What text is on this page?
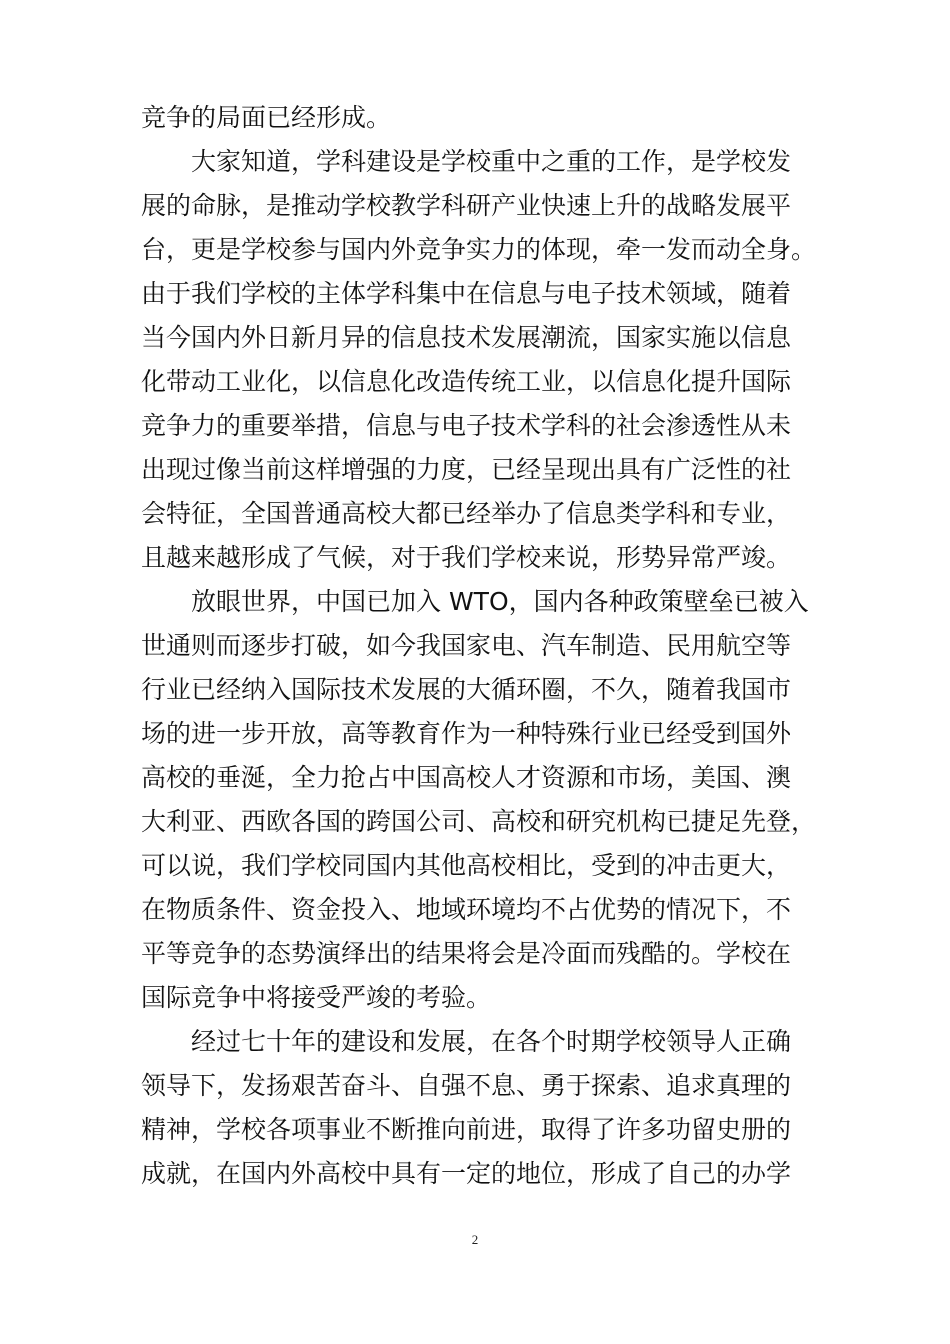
竞争的局面已经形成。
大家知道，学科建设是学校重中之重的工作，是学校发
展的命脉，是推动学校教学科研产业快速上升的战略发展平
台，更是学校参与国内外竞争实力的体现，牵一发而动全身。
由于我们学校的主体学科集中在信息与电子技术领域，随着
当今国内外日新月异的信息技术发展潮流，国家实施以信息
化带动工业化，以信息化改造传统工业，以信息化提升国际
竞争力的重要举措，信息与电子技术学科的社会渗透性从未
出现过像当前这样增强的力度，已经呈现出具有广泛性的社
会特征，全国普通高校大都已经举办了信息类学科和专业，
且越来越形成了气候，对于我们学校来说，形势异常严竣。
放眼世界，中国已加入 WTO，国内各种政策壁垒已被入
世通则而逐步打破，如今我国家电、汽车制造、民用航空等
行业已经纳入国际技术发展的大循环圈，不久，随着我国市
场的进一步开放，高等教育作为一种特殊行业已经受到国外
高校的垂涎，全力抢占中国高校人才资源和市场，美国、澳
大利亚、西欧各国的跨国公司、高校和研究机构已捷足先登，
可以说，我们学校同国内其他高校相比，受到的冲击更大，
在物质条件、资金投入、地域环境均不占优势的情况下，不
平等竞争的态势演绎出的结果将会是冷面而残酷的。学校在
国际竞争中将接受严竣的考验。
经过七十年的建设和发展，在各个时期学校领导人正确
领导下，发扬艰苦奋斗、自强不息、勇于探索、追求真理的
精神，学校各项事业不断推向前进，取得了许多功留史册的
成就，在国内外高校中具有一定的地位，形成了自己的办学
2
